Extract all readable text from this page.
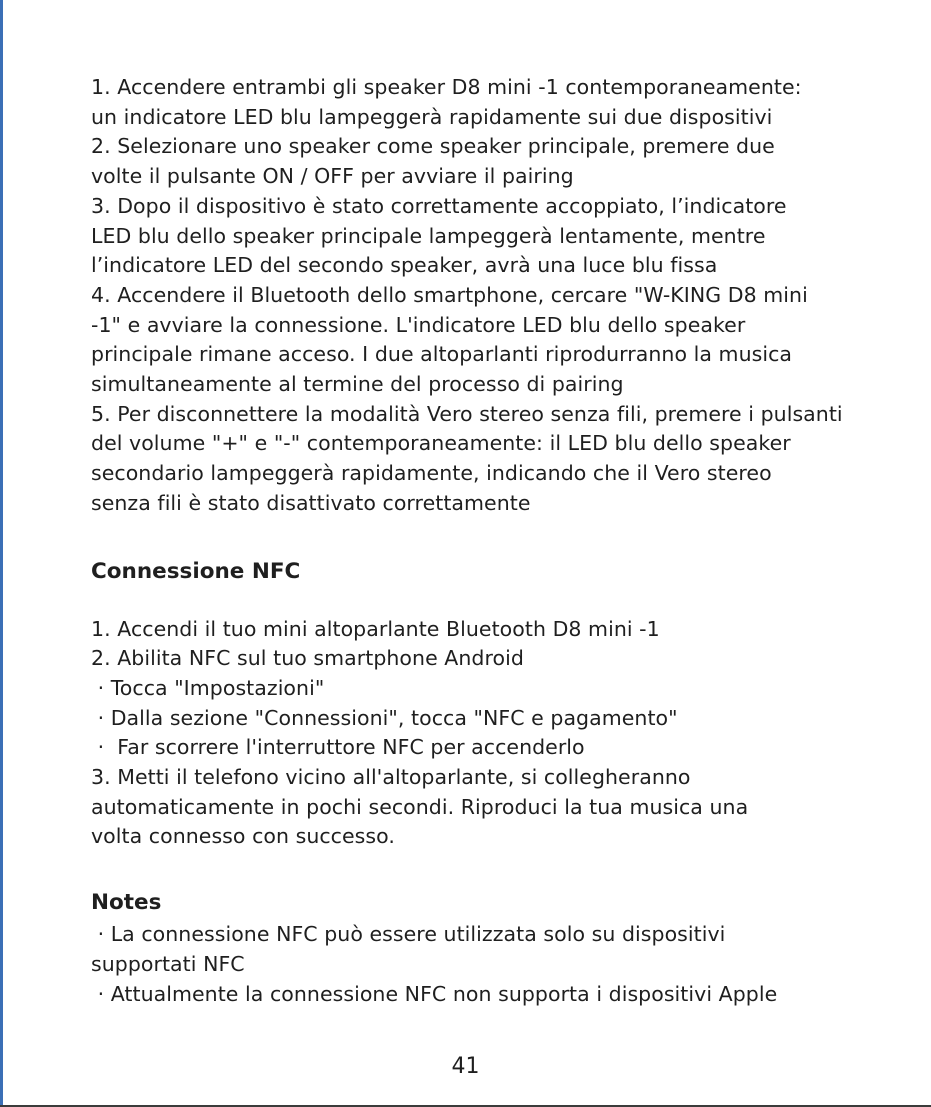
1. Accendere entrambi gli speaker D8 mini -1 contemporaneamente:
un indicatore LED blu lampeggerà rapidamente sui due dispositivi
2. Selezionare uno speaker come speaker principale, premere due
volte il pulsante ON / OFF per avviare il pairing
3. Dopo il dispositivo è stato correttamente accoppiato, l’indicatore
LED blu dello speaker principale lampeggerà lentamente, mentre
l’indicatore LED del secondo speaker, avrà una luce blu fissa
4. Accendere il Bluetooth dello smartphone, cercare "W-KING D8 mini
-1" e avviare la connessione. L'indicatore LED blu dello speaker
principale rimane acceso. I due altoparlanti riprodurranno la musica
simultaneamente al termine del processo di pairing
5. Per disconnettere la modalità Vero stereo senza fili, premere i pulsanti
del volume "+" e "-" contemporaneamente: il LED blu dello speaker
secondario lampeggerà rapidamente, indicando che il Vero stereo
senza fili è stato disattivato correttamente
Connessione NFC
1. Accendi il tuo mini altoparlante Bluetooth D8 mini -1
2. Abilita NFC sul tuo smartphone Android
· Tocca "Impostazioni"
· Dalla sezione "Connessioni", tocca "NFC e pagamento"
·  Far scorrere l'interruttore NFC per accenderlo
3. Metti il telefono vicino all'altoparlante, si collegheranno
automaticamente in pochi secondi. Riproduci la tua musica una
volta connesso con successo.
Notes
· La connessione NFC può essere utilizzata solo su dispositivi
supportati NFC
· Attualmente la connessione NFC non supporta i dispositivi Apple
41
